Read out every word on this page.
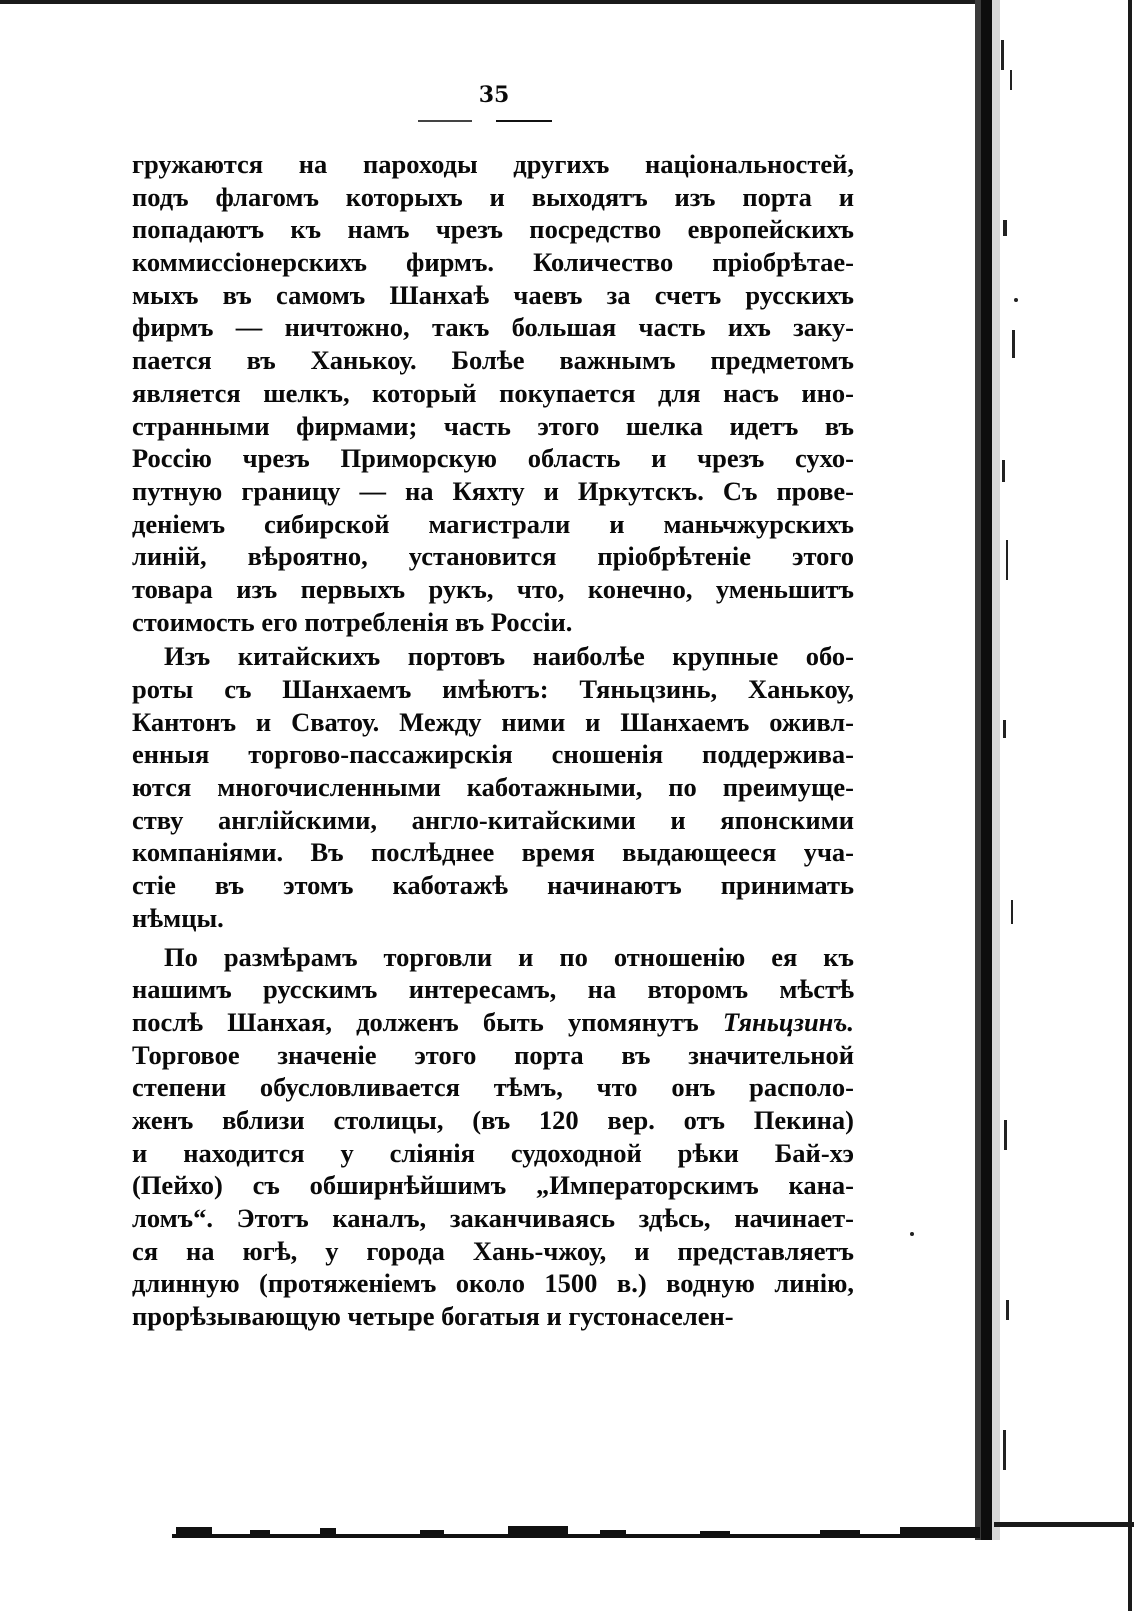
35
гружаются на пароходы другихъ національностей,
подъ флагомъ которыхъ и выходятъ изъ порта и
попадаютъ къ намъ чрезъ посредство европейскихъ
коммиссіонерскихъ фирмъ. Количество пріобрѣтае-
мыхъ въ самомъ Шанхаѣ чаевъ за счетъ русскихъ
фирмъ — ничтожно, такъ большая часть ихъ заку-
пается въ Ханькоу. Болѣе важнымъ предметомъ
является шелкъ, который покупается для насъ ино-
странными фирмами; часть этого шелка идетъ въ
Россію чрезъ Приморскую область и чрезъ сухо-
путную границу — на Кяхту и Иркутскъ. Съ прове-
деніемъ сибирской магистрали и маньчжурскихъ
линій, вѣроятно, установится пріобрѣтеніе этого
товара изъ первыхъ рукъ, что, конечно, уменьшитъ
стоимость его потребленія въ Россіи.
Изъ китайскихъ портовъ наиболѣе крупные обо-
роты съ Шанхаемъ имѣютъ: Тяньцзинь, Ханькоу,
Кантонъ и Сватоу. Между ними и Шанхаемъ оживл-
енныя торгово-пассажирскія сношенія поддержива-
ются многочисленными каботажными, по преимуще-
ству англійскими, англо-китайскими и японскими
компаніями. Въ послѣднее время выдающееся уча-
стіе въ этомъ каботажѣ начинаютъ принимать
нѣмцы.
По размѣрамъ торговли и по отношенію ея къ
нашимъ русскимъ интересамъ, на второмъ мѣстѣ
послѣ Шанхая, долженъ быть упомянутъ Тяньцзинъ.
Торговое значеніе этого порта въ значительной
степени обусловливается тѣмъ, что онъ располо-
женъ вблизи столицы, (въ 120 вер. отъ Пекина)
и находится у сліянія судоходной рѣки Бай-хэ
(Пейхо) съ обширнѣйшимъ „Императорскимъ кана-
ломъ“. Этотъ каналъ, заканчиваясь здѣсь, начинает-
ся на югѣ, у города Хань-чжоу, и представляетъ
длинную (протяженіемъ около 1500 в.) водную линію,
прорѣзывающую четыре богатыя и густонаселен-
